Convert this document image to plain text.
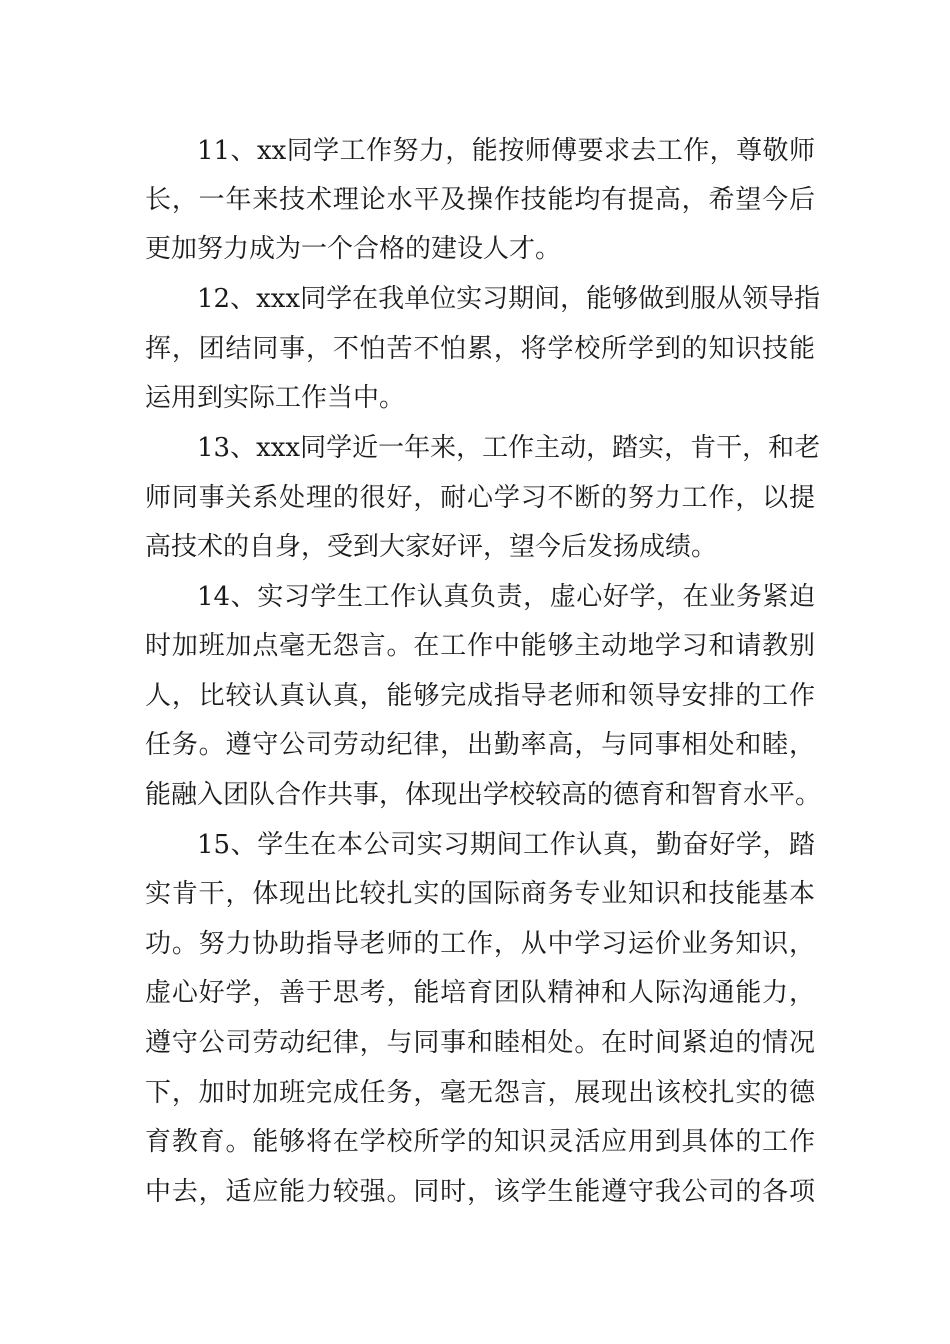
11、xx同学工作努力，能按师傅要求去工作，尊敬师

长，一年来技术理论水平及操作技能均有提高，希望今后

更加努力成为一个合格的建设人才。

12、xxx同学在我单位实习期间，能够做到服从领导指

挥，团结同事，不怕苦不怕累，将学校所学到的知识技能

运用到实际工作当中。

13、xxx同学近一年来，工作主动，踏实，肯干，和老

师同事关系处理的很好，耐心学习不断的努力工作，以提

高技术的自身，受到大家好评，望今后发扬成绩。

14、实习学生工作认真负责，虚心好学，在业务紧迫

时加班加点毫无怨言。在工作中能够主动地学习和请教别

人，比较认真认真，能够完成指导老师和领导安排的工作

任务。遵守公司劳动纪律，出勤率高，与同事相处和睦，

能融入团队合作共事，体现出学校较高的德育和智育水平。

15、学生在本公司实习期间工作认真，勤奋好学，踏

实肯干，体现出比较扎实的国际商务专业知识和技能基本

功。努力协助指导老师的工作，从中学习运价业务知识，

虚心好学，善于思考，能培育团队精神和人际沟通能力，

遵守公司劳动纪律，与同事和睦相处。在时间紧迫的情况

下，加时加班完成任务，毫无怨言，展现出该校扎实的德

育教育。能够将在学校所学的知识灵活应用到具体的工作

中去，适应能力较强。同时，该学生能遵守我公司的各项
